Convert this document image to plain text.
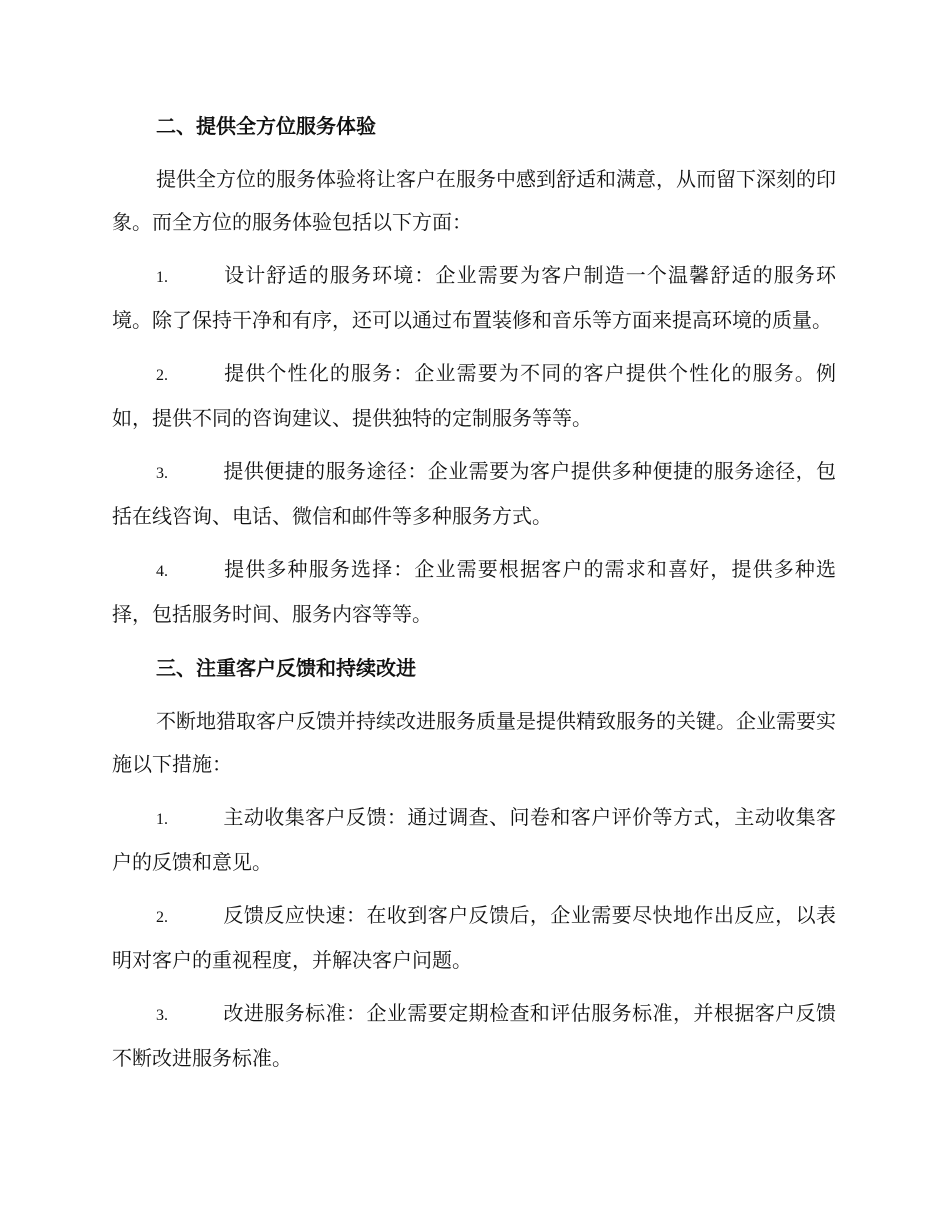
二、提供全方位服务体验

提供全方位的服务体验将让客户在服务中感到舒适和满意，从而留下深刻的印象。而全方位的服务体验包括以下方面：

1.	设计舒适的服务环境：企业需要为客户制造一个温馨舒适的服务环境。除了保持干净和有序，还可以通过布置装修和音乐等方面来提高环境的质量。

2.	提供个性化的服务：企业需要为不同的客户提供个性化的服务。例如，提供不同的咨询建议、提供独特的定制服务等等。

3.	提供便捷的服务途径：企业需要为客户提供多种便捷的服务途径，包括在线咨询、电话、微信和邮件等多种服务方式。

4.	提供多种服务选择：企业需要根据客户的需求和喜好，提供多种选择，包括服务时间、服务内容等等。

三、注重客户反馈和持续改进

不断地猎取客户反馈并持续改进服务质量是提供精致服务的关键。企业需要实施以下措施：

1.	主动收集客户反馈：通过调查、问卷和客户评价等方式，主动收集客户的反馈和意见。

2.	反馈反应快速：在收到客户反馈后，企业需要尽快地作出反应，以表明对客户的重视程度，并解决客户问题。

3.	改进服务标准：企业需要定期检查和评估服务标准，并根据客户反馈不断改进服务标准。
